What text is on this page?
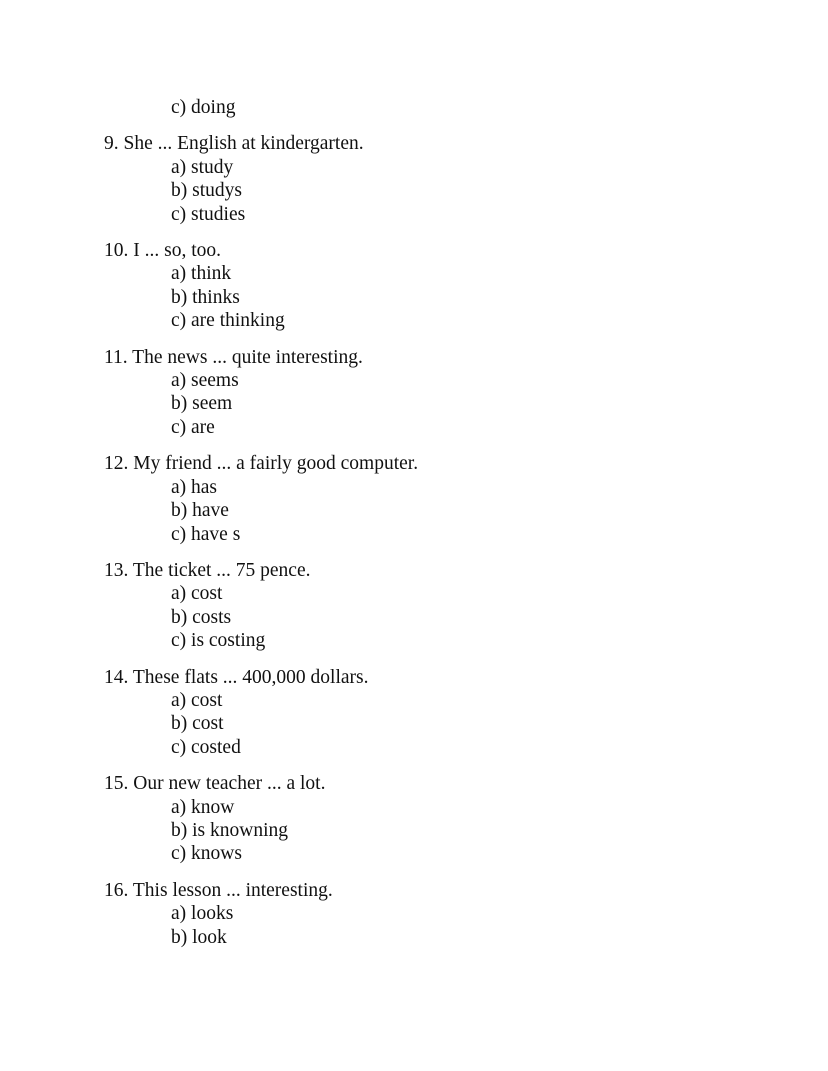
c) doing
9. She ... English at kindergarten.
a) study
b) studys
c) studies
10. I ... so, too.
a) think
b) thinks
c) are thinking
11. The news ... quite interesting.
a) seems
b) seem
c) are
12. My friend ... a fairly good computer.
a) has
b) have
c) have s
13. The ticket ... 75 pence.
a) cost
b) costs
c) is costing
14. These flats ... 400,000 dollars.
a) cost
b) cost
c) costed
15. Our new teacher ... a lot.
a) know
b) is knowning
c) knows
16. This lesson ... interesting.
a) looks
b) look
